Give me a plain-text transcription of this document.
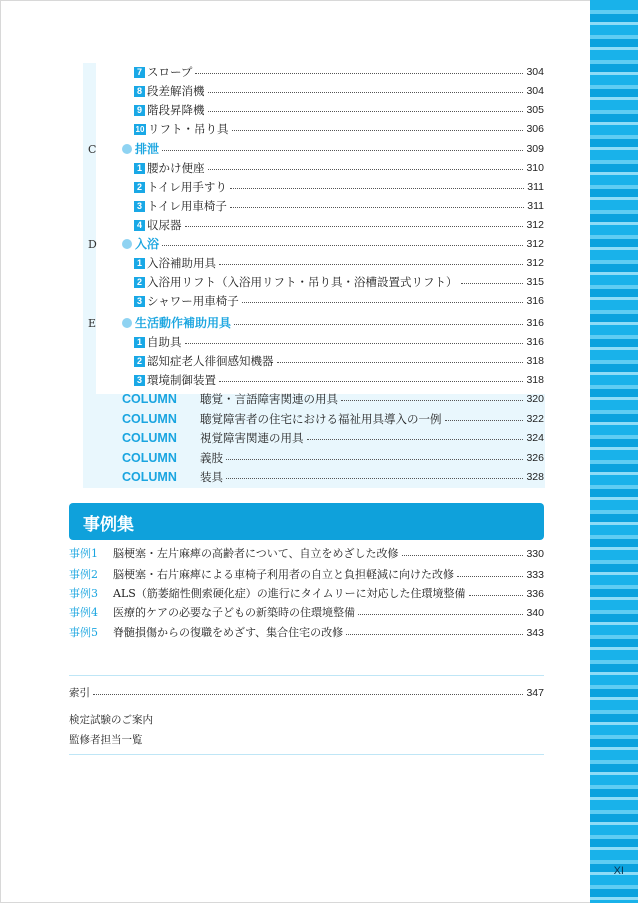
7 スロープ	304
8 段差解消機	304
9 階段昇降機	305
10 リフト・吊り具	306
C	排泄	309
1 腰かけ便座	310
2 トイレ用手すり	311
3 トイレ用車椅子	311
4 収尿器	312
D	入浴	312
1 入浴補助用具	312
2 入浴用リフト（入浴用リフト・吊り具・浴槽設置式リフト）	315
3 シャワー用車椅子	316
E	生活動作補助用具	316
1 自助具	316
2 認知症老人徘徊感知機器	318
3 環境制御装置	318
COLUMN	聴覚・言語障害関連の用具	320
COLUMN	聴覚障害者の住宅における福祉用具導入の一例	322
COLUMN	視覚障害関連の用具	324
COLUMN	義肢	326
COLUMN	装具	328
事例集
事例1	脳梗塞・左片麻痺の高齢者について、自立をめざした改修	330
事例2	脳梗塞・右片麻痺による車椅子利用者の自立と負担軽減に向けた改修	333
事例3	ALS（筋萎縮性側索硬化症）の進行にタイムリーに対応した住環境整備	336
事例4	医療的ケアの必要な子どもの新築時の住環境整備	340
事例5	脊髄損傷からの復職をめざす、集合住宅の改修	343
索引	347
検定試験のご案内
監修者担当一覧
XI
